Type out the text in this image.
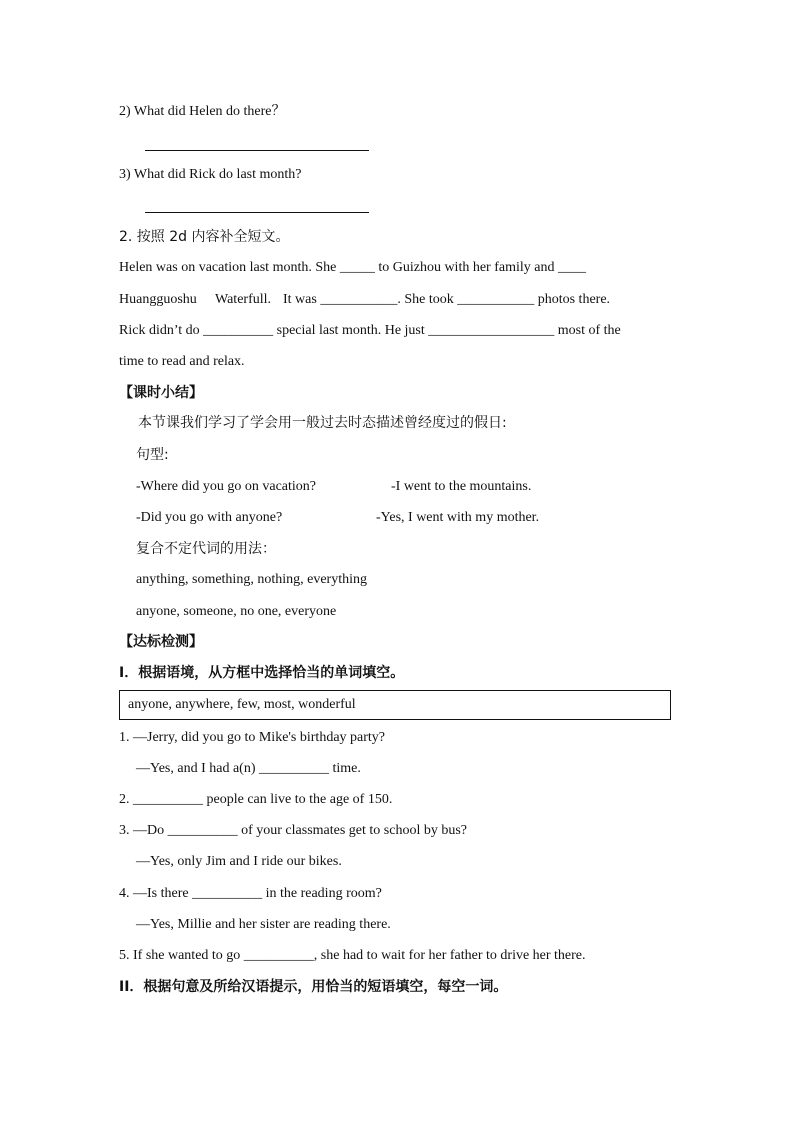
2) What did Helen do there？
3) What did Rick do last month?
2. 按照 2d 内容补全短文。
Helen was on vacation last month. She _____ to Guizhou with her family and ____
Huangguoshu Waterfull. It was ___________. She took ___________ photos there.
Rick didn’t do __________ special last month. He just __________________ most of the
time to read and relax.
【课时小结】
本节课我们学习了学会用一般过去时态描述曾经度过的假日:
句型:
-Where did you go on vacation?	-I went to the mountains.
-Did you go with anyone?	-Yes, I went with my mother.
复合不定代词的用法：
anything, something, nothing, everything
anyone, someone, no one, everyone
【达标检测】
I．根据语境，从方框中选择恰当的单词填空。
anyone, anywhere, few, most, wonderful
1. —Jerry, did you go to Mike's birthday party?
—Yes, and I had a(n) __________ time.
2. __________ people can live to the age of 150.
3. —Do __________ of your classmates get to school by bus?
—Yes, only Jim and I ride our bikes.
4. —Is there __________ in the reading room?
—Yes, Millie and her sister are reading there.
5. If she wanted to go __________, she had to wait for her father to drive her there.
II．根据句意及所给汉语提示，用恰当的短语填空，每空一词。
